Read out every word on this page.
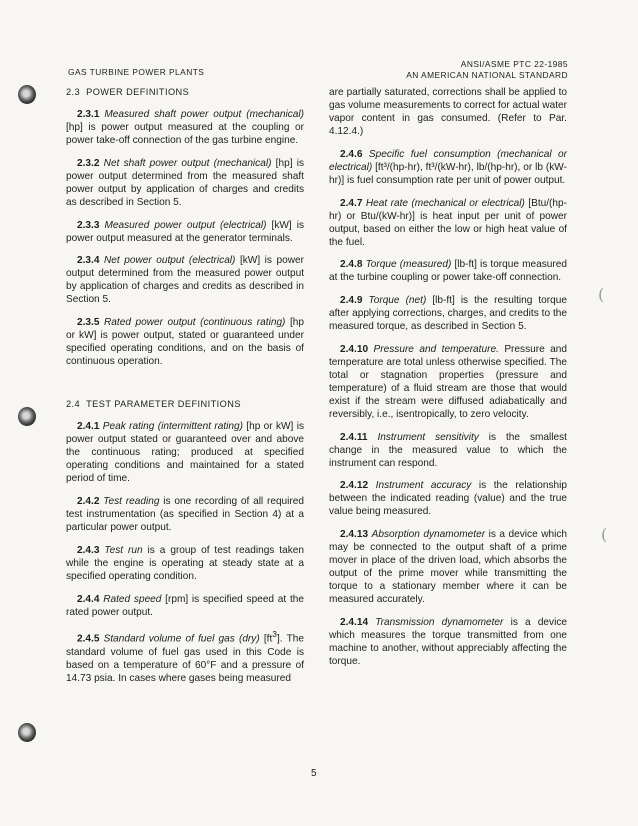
(
(
GAS TURBINE POWER PLANTS
ANSI/ASME PTC 22-1985
AN AMERICAN NATIONAL STANDARD
2.3 POWER DEFINITIONS

2.3.1 Measured shaft power output (mechanical) [hp] is power output measured at the coupling or power take-off connection of the gas turbine engine.

2.3.2 Net shaft power output (mechanical) [hp] is power output determined from the measured shaft power output by application of charges and credits as described in Section 5.

2.3.3 Measured power output (electrical) [kW] is power output measured at the generator terminals.

2.3.4 Net power output (electrical) [kW] is power output determined from the measured power output by application of charges and credits as described in Section 5.

2.3.5 Rated power output (continuous rating) [hp or kW] is power output, stated or guaranteed under specified operating conditions, and on the basis of continuous operation.

2.4 TEST PARAMETER DEFINITIONS

2.4.1 Peak rating (intermittent rating) [hp or kW] is power output stated or guaranteed over and above the continuous rating; produced at specified operating conditions and maintained for a stated period of time.

2.4.2 Test reading is one recording of all required test instrumentation (as specified in Section 4) at a particular power output.

2.4.3 Test run is a group of test readings taken while the engine is operating at steady state at a specified operating condition.

2.4.4 Rated speed [rpm] is specified speed at the rated power output.

2.4.5 Standard volume of fuel gas (dry) $[ft^3]$. The standard volume of fuel gas used in this Code is based on a temperature of 60°F and a pressure of 14.73 psia. In cases where gases being measured

are partially saturated, corrections shall be applied to gas volume measurements to correct for actual water vapor content in gas consumed. (Refer to Par. 4.12.4.)

2.4.6 Specific fuel consumption (mechanical or electrical) [ft³/(hp-hr), ft³/(kW-hr), lb/(hp-hr), or lb (kW-hr)] is fuel consumption rate per unit of power output.

2.4.7 Heat rate (mechanical or electrical) [Btu/(hp-hr) or Btu/(kW-hr)] is heat input per unit of power output, based on either the low or high heat value of the fuel.

2.4.8 Torque (measured) [lb-ft] is torque measured at the turbine coupling or power take-off connection.

2.4.9 Torque (net) [lb-ft] is the resulting torque after applying corrections, charges, and credits to the measured torque, as described in Section 5.

2.4.10 Pressure and temperature. Pressure and temperature are total unless otherwise specified. The total or stagnation properties (pressure and temperature) of a fluid stream are those that would exist if the stream were diffused adiabatically and reversibly, i.e., isentropically, to zero velocity.

2.4.11 Instrument sensitivity is the smallest change in the measured value to which the instrument can respond.

2.4.12 Instrument accuracy is the relationship between the indicated reading (value) and the true value being measured.

2.4.13 Absorption dynamometer is a device which may be connected to the output shaft of a prime mover in place of the driven load, which absorbs the output of the prime mover while transmitting the torque to a stationary member where it can be measured accurately.

2.4.14 Transmission dynamometer is a device which measures the torque transmitted from one machine to another, without appreciably affecting the torque.

5
